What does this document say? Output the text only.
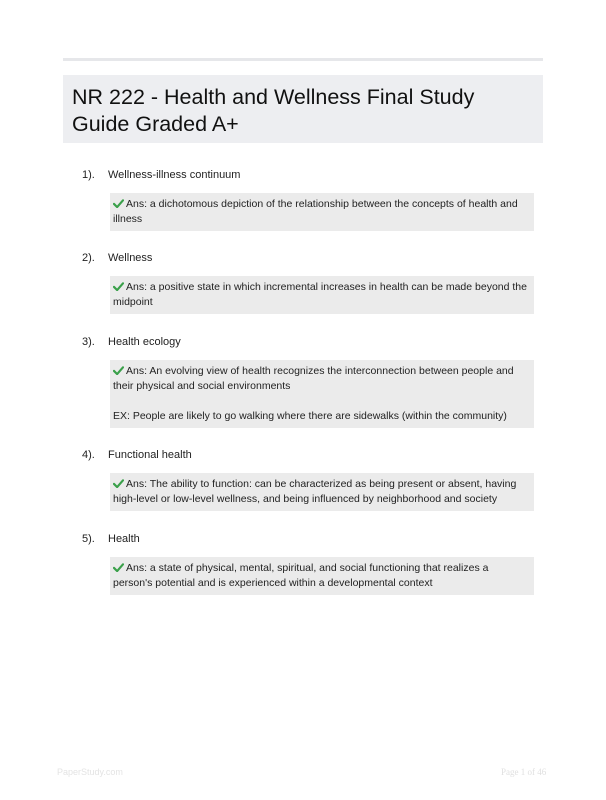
NR 222 - Health and Wellness Final Study Guide Graded A+
1). Wellness-illness continuum

Ans: a dichotomous depiction of the relationship between the concepts of health and illness

2). Wellness

Ans: a positive state in which incremental increases in health can be made beyond the midpoint

3). Health ecology

Ans: An evolving view of health recognizes the interconnection between people and their physical and social environments

EX: People are likely to go walking where there are sidewalks (within the community)

4). Functional health

Ans: The ability to function: can be characterized as being present or absent, having high-level or low-level wellness, and being influenced by neighborhood and society

5). Health

Ans: a state of physical, mental, spiritual, and social functioning that realizes a person's potential and is experienced within a developmental context

PaperStudy.com	Page 1 of 46
